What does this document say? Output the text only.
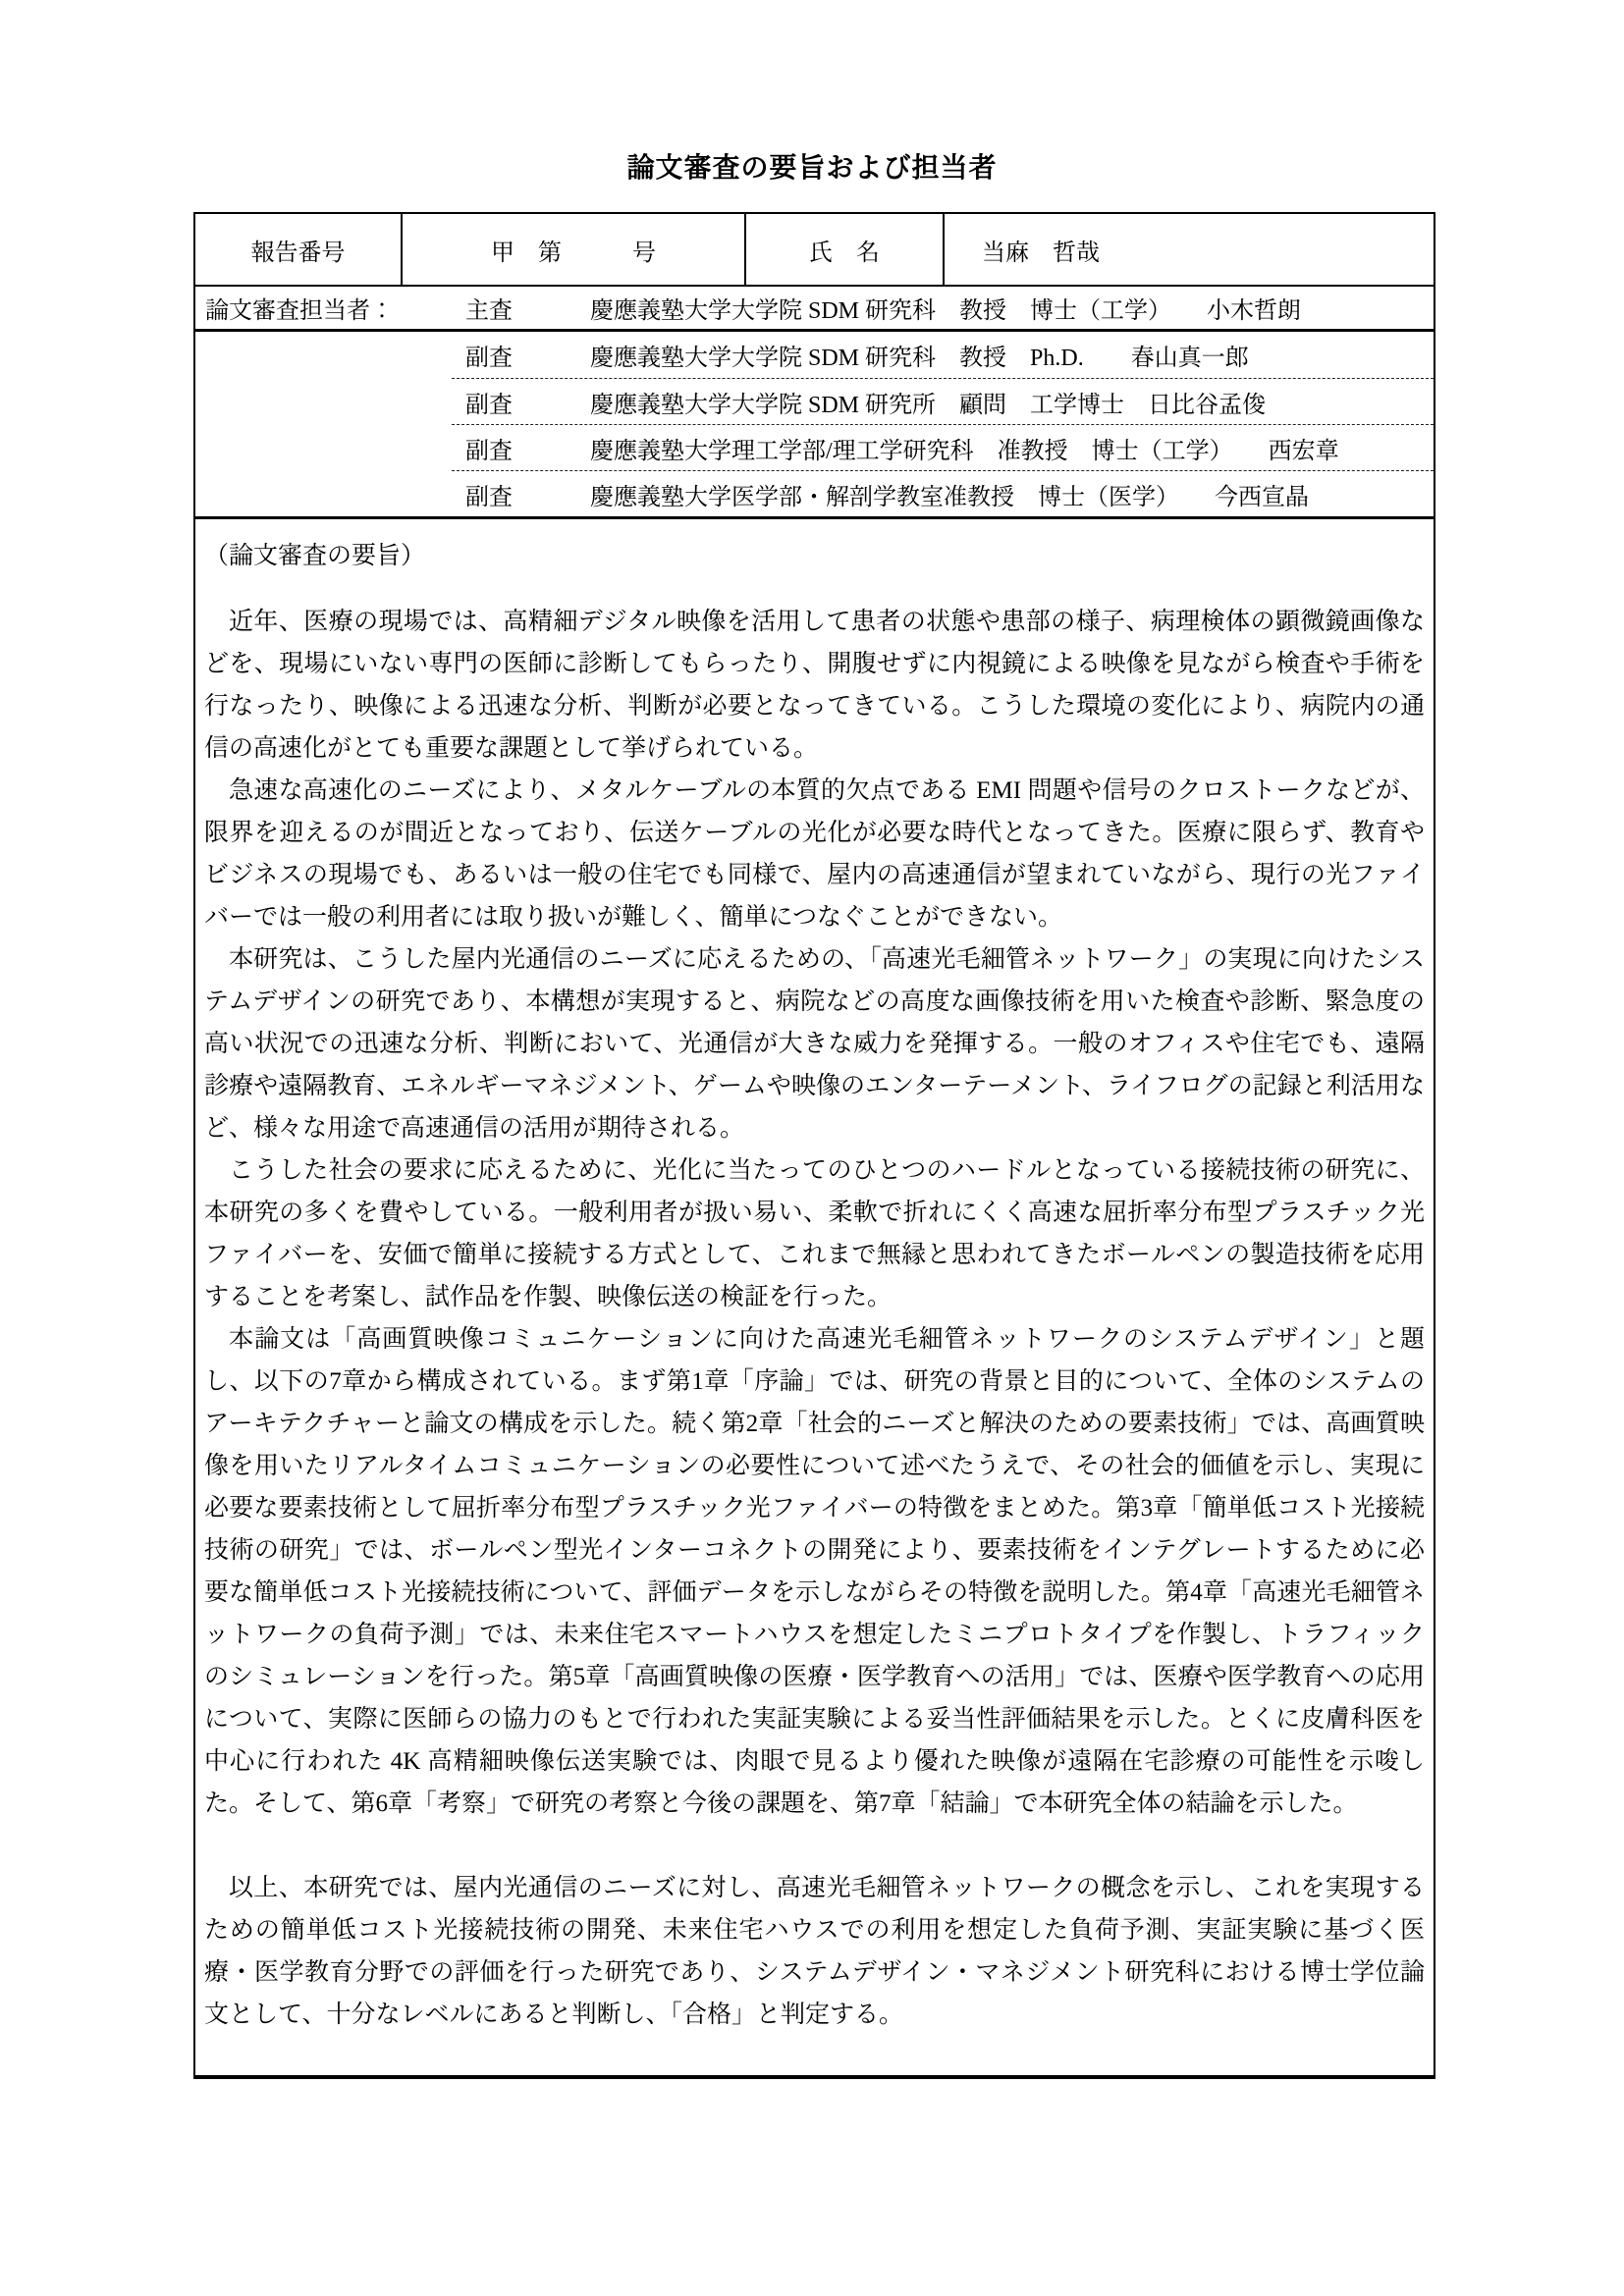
論文審査の要旨および担当者
報告番号	甲　第　　　号	氏　名	当麻　哲哉
論文審査担当者：	主査	慶應義塾大学大学院 SDM 研究科　教授　博士（工学）　　小木哲朗
副査	慶應義塾大学大学院 SDM 研究科　教授　Ph.D.　　春山真一郎
副査	慶應義塾大学大学院 SDM 研究所　顧問　工学博士　日比谷孟俊
副査	慶應義塾大学理工学部/理工学研究科　准教授　博士（工学）　　西宏章
副査	慶應義塾大学医学部・解剖学教室准教授　博士（医学）　　今西宣晶
（論文審査の要旨）

近年、医療の現場では、高精細デジタル映像を活用して患者の状態や患部の様子、病理検体の顕微鏡画像などを、現場にいない専門の医師に診断してもらったり、開腹せずに内視鏡による映像を見ながら検査や手術を行なったり、映像による迅速な分析、判断が必要となってきている。こうした環境の変化により、病院内の通信の高速化がとても重要な課題として挙げられている。

急速な高速化のニーズにより、メタルケーブルの本質的欠点である EMI 問題や信号のクロストークなどが、限界を迎えるのが間近となっており、伝送ケーブルの光化が必要な時代となってきた。医療に限らず、教育やビジネスの現場でも、あるいは一般の住宅でも同様で、屋内の高速通信が望まれていながら、現行の光ファイバーでは一般の利用者には取り扱いが難しく、簡単につなぐことができない。

本研究は、こうした屋内光通信のニーズに応えるための、「高速光毛細管ネットワーク」の実現に向けたシステムデザインの研究であり、本構想が実現すると、病院などの高度な画像技術を用いた検査や診断、緊急度の高い状況での迅速な分析、判断において、光通信が大きな威力を発揮する。一般のオフィスや住宅でも、遠隔診療や遠隔教育、エネルギーマネジメント、ゲームや映像のエンターテーメント、ライフログの記録と利活用など、様々な用途で高速通信の活用が期待される。

こうした社会の要求に応えるために、光化に当たってのひとつのハードルとなっている接続技術の研究に、本研究の多くを費やしている。一般利用者が扱い易い、柔軟で折れにくく高速な屈折率分布型プラスチック光ファイバーを、安価で簡単に接続する方式として、これまで無縁と思われてきたボールペンの製造技術を応用することを考案し、試作品を作製、映像伝送の検証を行った。

本論文は「高画質映像コミュニケーションに向けた高速光毛細管ネットワークのシステムデザイン」と題し、以下の7章から構成されている。まず第1章「序論」では、研究の背景と目的について、全体のシステムのアーキテクチャーと論文の構成を示した。続く第2章「社会的ニーズと解決のための要素技術」では、高画質映像を用いたリアルタイムコミュニケーションの必要性について述べたうえで、その社会的価値を示し、実現に必要な要素技術として屈折率分布型プラスチック光ファイバーの特徴をまとめた。第3章「簡単低コスト光接続技術の研究」では、ボールペン型光インターコネクトの開発により、要素技術をインテグレートするために必要な簡単低コスト光接続技術について、評価データを示しながらその特徴を説明した。第4章「高速光毛細管ネットワークの負荷予測」では、未来住宅スマートハウスを想定したミニプロトタイプを作製し、トラフィックのシミュレーションを行った。第5章「高画質映像の医療・医学教育への活用」では、医療や医学教育への応用について、実際に医師らの協力のもとで行われた実証実験による妥当性評価結果を示した。とくに皮膚科医を中心に行われた 4K 高精細映像伝送実験では、肉眼で見るより優れた映像が遠隔在宅診療の可能性を示唆した。そして、第6章「考察」で研究の考察と今後の課題を、第7章「結論」で本研究全体の結論を示した。

以上、本研究では、屋内光通信のニーズに対し、高速光毛細管ネットワークの概念を示し、これを実現するための簡単低コスト光接続技術の開発、未来住宅ハウスでの利用を想定した負荷予測、実証実験に基づく医療・医学教育分野での評価を行った研究であり、システムデザイン・マネジメント研究科における博士学位論文として、十分なレベルにあると判断し、「合格」と判定する。
